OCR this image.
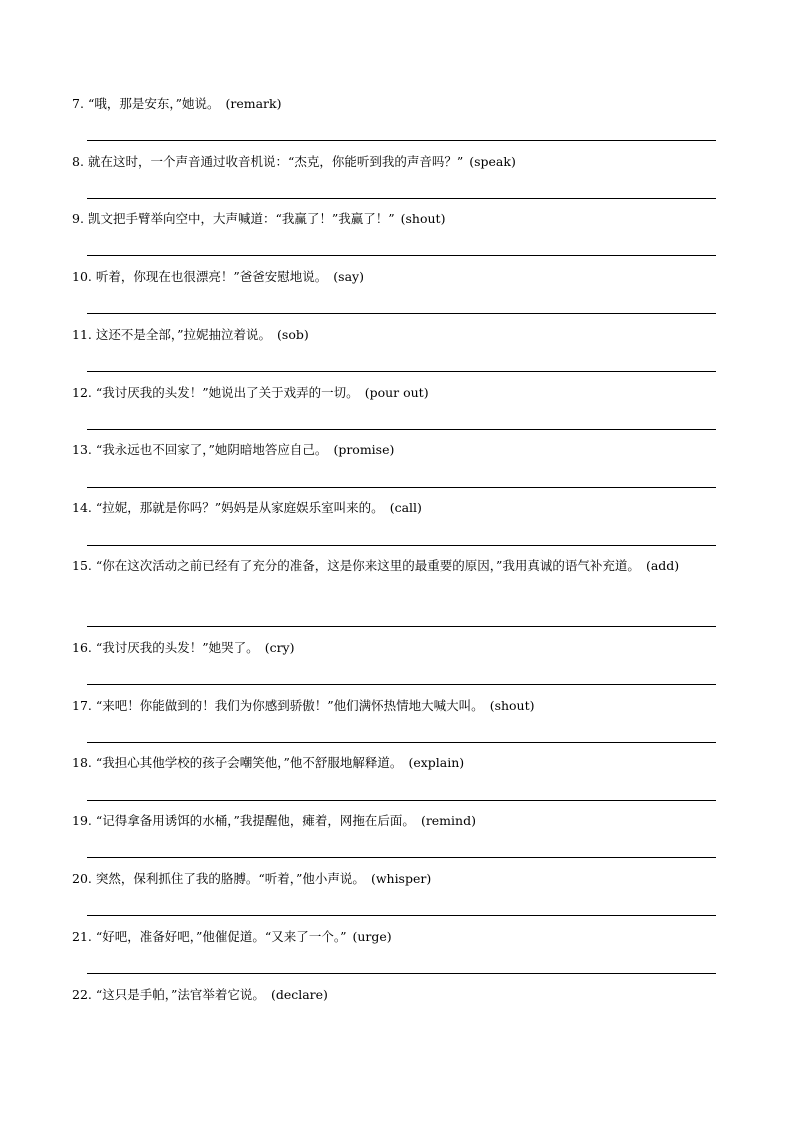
7. “哦，那是安东，”她说。 (remark)
8. 就在这时，一个声音通过收音机说：“杰克，你能听到我的声音吗？” (speak)
9. 凯文把手臂举向空中，大声喊道：“我赢了！”我赢了！” (shout)
10. 听着，你现在也很漂亮！”爸爸安慰地说。 (say)
11. 这还不是全部，”拉妮抽泣着说。 (sob)
12. “我讨厌我的头发！”她说出了关于戏弄的一切。 (pour out)
13. “我永远也不回家了，”她阴暗地答应自己。 (promise)
14. “拉妮，那就是你吗？”妈妈是从家庭娱乐室叫来的。 (call)
15. “你在这次活动之前已经有了充分的准备，这是你来这里的最重要的原因，”我用真诚的语气补充道。 (add)
16. “我讨厌我的头发！”她哭了。 (cry)
17. “来吧！你能做到的！我们为你感到骄傲！”他们满怀热情地大喊大叫。 (shout)
18. “我担心其他学校的孩子会嘲笑他，”他不舒服地解释道。 (explain)
19. “记得拿备用诱饵的水桶，”我提醒他，瘫着，网拖在后面。 (remind)
20. 突然，保利抓住了我的胳膊。“听着，”他小声说。 (whisper)
21. “好吧，准备好吧，”他催促道。“又来了一个。” (urge)
22. “这只是手帕，”法官举着它说。 (declare)
